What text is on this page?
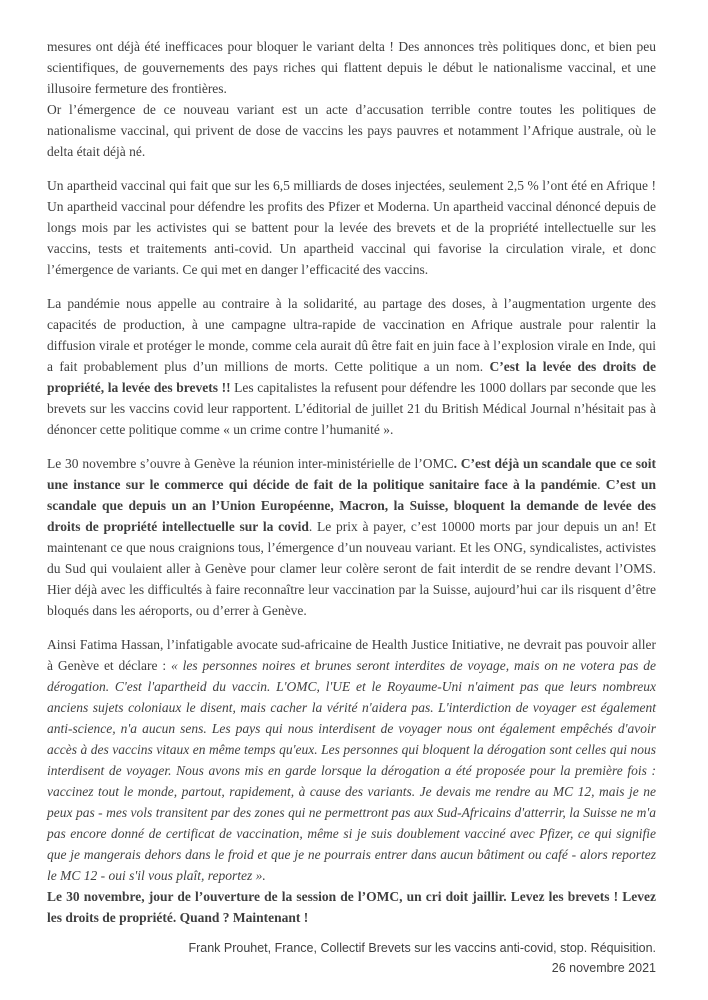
mesures ont déjà été inefficaces pour bloquer le variant delta ! Des annonces très politiques donc, et bien peu scientifiques, de gouvernements des pays riches qui flattent depuis le début le nationalisme vaccinal, et une illusoire fermeture des frontières.

Or l’émergence de ce nouveau variant est un acte d’accusation terrible contre toutes les politiques de nationalisme vaccinal, qui privent de dose de vaccins les pays pauvres et notamment l’Afrique australe, où le delta était déjà né.

Un apartheid vaccinal qui fait que sur les 6,5 milliards de doses injectées, seulement 2,5 % l’ont été en Afrique ! Un apartheid vaccinal pour défendre les profits des Pfizer et Moderna. Un apartheid vaccinal dénoncé depuis de longs mois par les activistes qui se battent pour la levée des brevets et de la propriété intellectuelle sur les vaccins, tests et traitements anti-covid. Un apartheid vaccinal qui favorise la circulation virale, et donc l’émergence de variants. Ce qui met en danger l’efficacité des vaccins.

La pandémie nous appelle au contraire à la solidarité, au partage des doses, à l’augmentation urgente des capacités de production, à une campagne ultra-rapide de vaccination en Afrique australe pour ralentir la diffusion virale et protéger le monde, comme cela aurait dû être fait en juin face à l’explosion virale en Inde, qui a fait probablement plus d’un millions de morts. Cette politique a un nom. C’est la levée des droits de propriété, la levée des brevets !! Les capitalistes la refusent pour défendre les 1000 dollars par seconde que les brevets sur les vaccins covid leur rapportent. L’éditorial de juillet 21 du British Médical Journal n’hésitait pas à dénoncer cette politique comme « un crime contre l’humanité ».

Le 30 novembre s’ouvre à Genève la réunion inter-ministérielle de l’OMC. C’est déjà un scandale que ce soit une instance sur le commerce qui décide de fait de la politique sanitaire face à la pandémie. C’est un scandale que depuis un an l’Union Européenne, Macron, la Suisse, bloquent la demande de levée des droits de propriété intellectuelle sur la covid. Le prix à payer, c’est 10000 morts par jour depuis un an! Et maintenant ce que nous craignions tous, l’émergence d’un nouveau variant. Et les ONG, syndicalistes, activistes du Sud qui voulaient aller à Genève pour clamer leur colère seront de fait interdit de se rendre devant l’OMS. Hier déjà avec les difficultés à faire reconnaître leur vaccination par la Suisse, aujourd’hui car ils risquent d’être bloqués dans les aéroports, ou d’errer à Genève.

Ainsi Fatima Hassan, l’infatigable avocate sud-africaine de Health Justice Initiative, ne devrait pas pouvoir aller à Genève et déclare : « les personnes noires et brunes seront interdites de voyage, mais on ne votera pas de dérogation. C'est l'apartheid du vaccin. L'OMC, l'UE et le Royaume-Uni n'aiment pas que leurs nombreux anciens sujets coloniaux le disent, mais cacher la vérité n'aidera pas. L'interdiction de voyager est également anti-science, n'a aucun sens. Les pays qui nous interdisent de voyager nous ont également empêchés d'avoir accès à des vaccins vitaux en même temps qu'eux. Les personnes qui bloquent la dérogation sont celles qui nous interdisent de voyager. Nous avons mis en garde lorsque la dérogation a été proposée pour la première fois : vaccinez tout le monde, partout, rapidement, à cause des variants. Je devais me rendre au MC 12, mais je ne peux pas - mes vols transitent par des zones qui ne permettront pas aux Sud-Africains d'atterrir, la Suisse ne m'a pas encore donné de certificat de vaccination, même si je suis doublement vacciné avec Pfizer, ce qui signifie que je mangerais dehors dans le froid et que je ne pourrais entrer dans aucun bâtiment ou café - alors reportez le MC 12 - oui s'il vous plaît, reportez ».

Le 30 novembre, jour de l’ouverture de la session de l’OMC, un cri doit jaillir. Levez les brevets ! Levez les droits de propriété. Quand ? Maintenant !

Frank Prouhet, France, Collectif Brevets sur les vaccins anti-covid, stop. Réquisition.
26 novembre 2021
